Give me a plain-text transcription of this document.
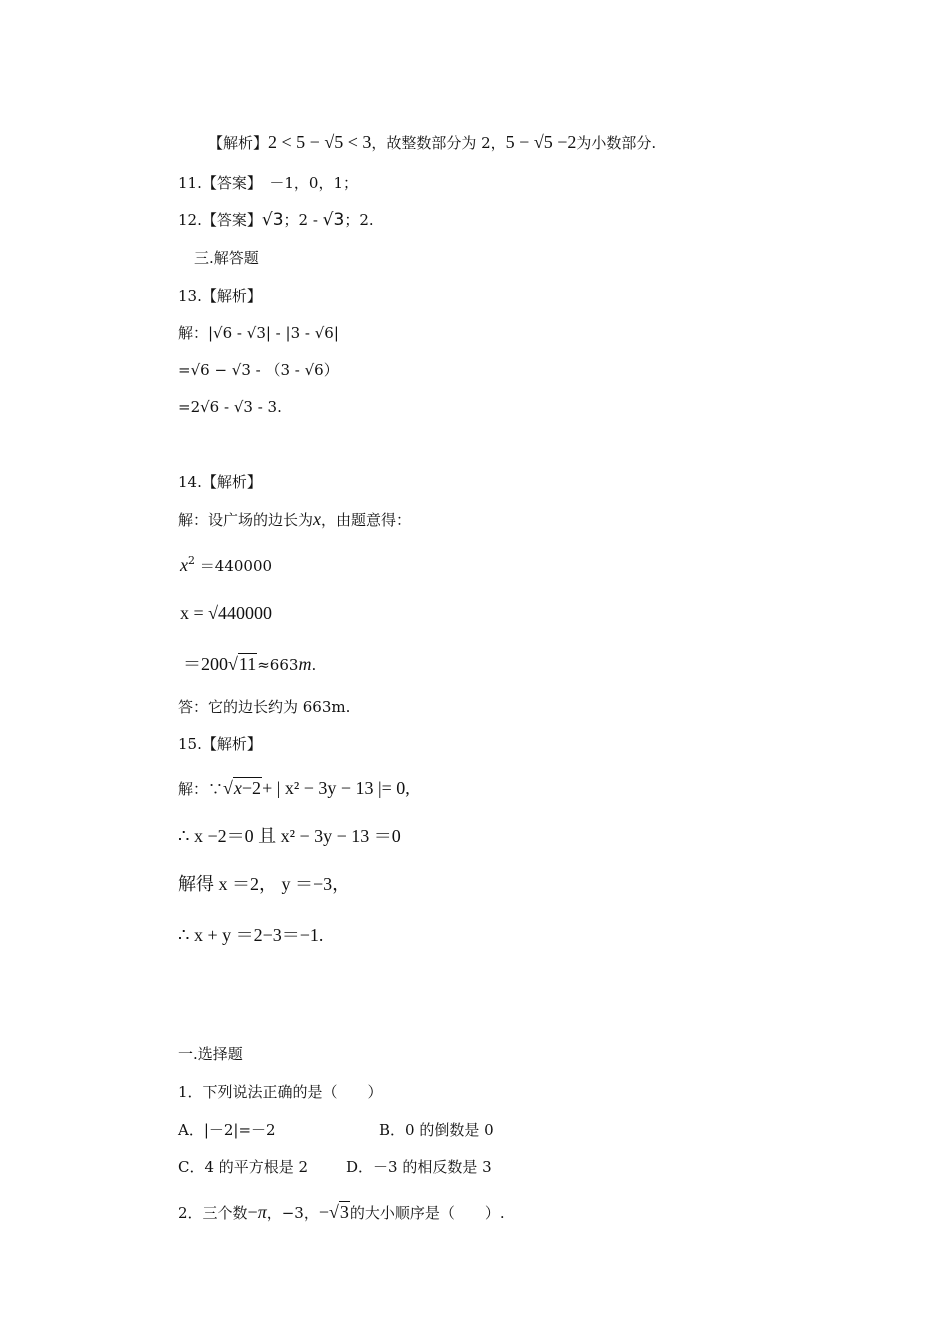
【解析】2 < 5 − √5 < 3，故整数部分为 2，5 − √5 −2为小数部分.
11.【答案】　－1，0，1；
12.【答案】√3；2 - √3；2.
三.解答题
13.【解析】
解：|√6 - √3| - |3 - √6|
=√6 − √3 - （3 - √6）
=2√6 - √3 - 3.
14.【解析】
解：设广场的边长为x，由题意得：
$x^2 =440000$
x = √440000
＝200√11≈663m.
答：它的边长约为 663m.
15.【解析】
解：∵√x−2+ | x² − 3y − 13 |= 0,
∴ x −2＝0 且 x² − 3y − 13 ＝0
解得 x ＝2， y ＝−3，
∴ x + y ＝2−3＝−1.
一.选择题
1．下列说法正确的是（　　）
A．|－2|=－2	B．0 的倒数是 0
C．4 的平方根是 2	D．－3 的相反数是 3
2．三个数−π，−3，−√3的大小顺序是（　　）.
